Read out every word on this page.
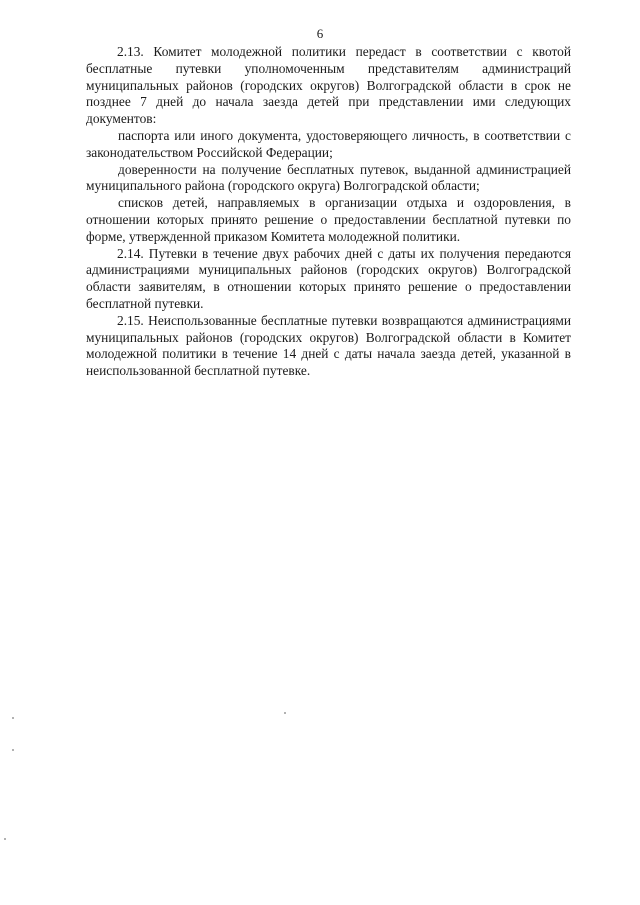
6

2.13. Комитет молодежной политики передаст в соответствии с квотой бесплатные путевки уполномоченным представителям администраций муниципальных районов (городских округов) Волгоградской области в срок не позднее 7 дней до начала заезда детей при представлении ими следующих документов:

паспорта или иного документа, удостоверяющего личность, в соответствии с законодательством Российской Федерации;

доверенности на получение бесплатных путевок, выданной администрацией муниципального района (городского округа) Волгоградской области;

списков детей, направляемых в организации отдыха и оздоровления, в отношении которых принято решение о предоставлении бесплатной путевки по форме, утвержденной приказом Комитета молодежной политики.

2.14. Путевки в течение двух рабочих дней с даты их получения передаются администрациями муниципальных районов (городских округов) Волгоградской области заявителям, в отношении которых принято решение о предоставлении бесплатной путевки.

2.15. Неиспользованные бесплатные путевки возвращаются администрациями муниципальных районов (городских округов) Волгоградской области в Комитет молодежной политики в течение 14 дней с даты начала заезда детей, указанной в неиспользованной бесплатной путевке.
